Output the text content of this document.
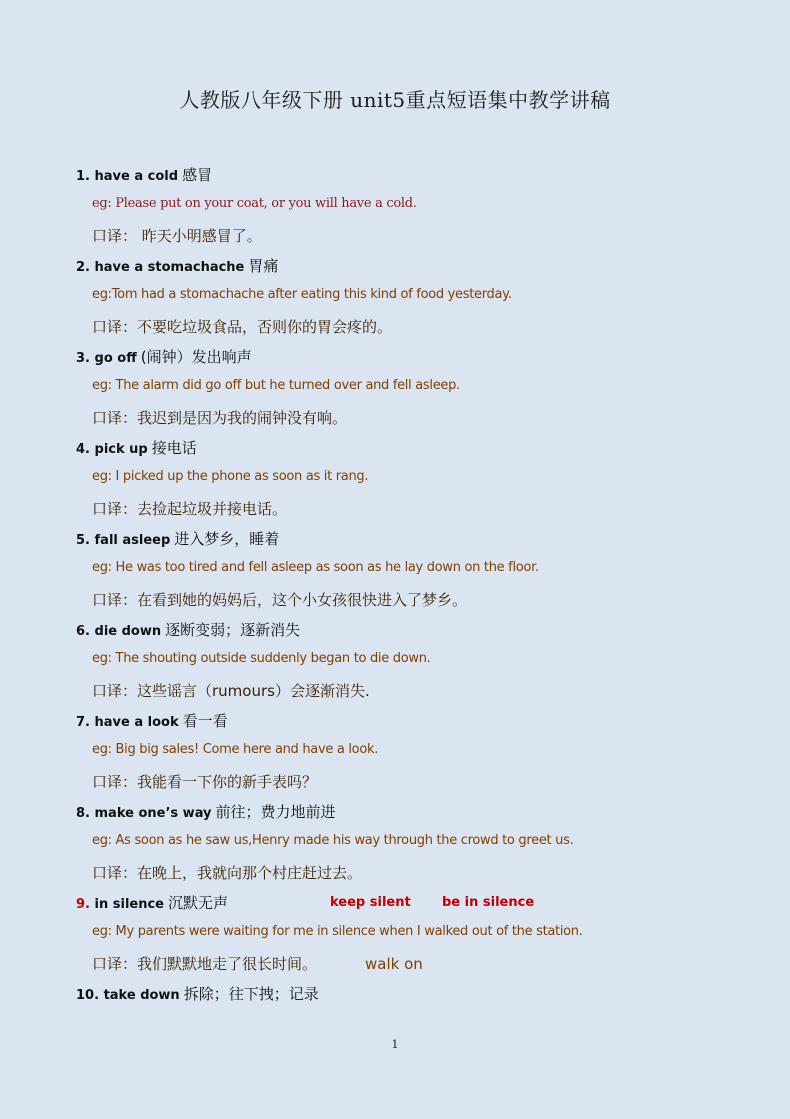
人教版八年级下册 unit5重点短语集中教学讲稿
1. have a cold 感冒
eg: Please put on your coat, or you will have a cold.
口译： 昨天小明感冒了。
2. have a stomachache 胃痛
eg:Tom had a stomachache after eating this kind of food yesterday.
口译：不要吃垃圾食品，否则你的胃会疼的。
3. go off (闹钟）发出响声
eg: The alarm did go off but he turned over and fell asleep.
口译：我迟到是因为我的闹钟没有响。
4. pick up 接电话
eg: I picked up the phone as soon as it rang.
口译：去捡起垃圾并接电话。
5. fall asleep 进入梦乡，睡着
eg: He was too tired and fell asleep as soon as he lay down on the floor.
口译：在看到她的妈妈后，这个小女孩很快进入了梦乡。
6. die down 逐断变弱；逐新消失
eg: The shouting outside suddenly began to die down.
口译：这些谣言（rumours）会逐渐消失.
7. have a look 看一看
eg: Big big sales! Come here and have a look.
口译：我能看一下你的新手表吗？
8. make one’s way 前往；费力地前进
eg: As soon as he saw us,Henry made his way through the crowd to greet us.
口译：在晚上，我就向那个村庄赶过去。
9. in silence 沉默无声	keep silent be in silence
eg: My parents were waiting for me in silence when I walked out of the station.
口译：我们默默地走了很长时间。	walk on
10. take down 拆除；往下拽；记录
1
